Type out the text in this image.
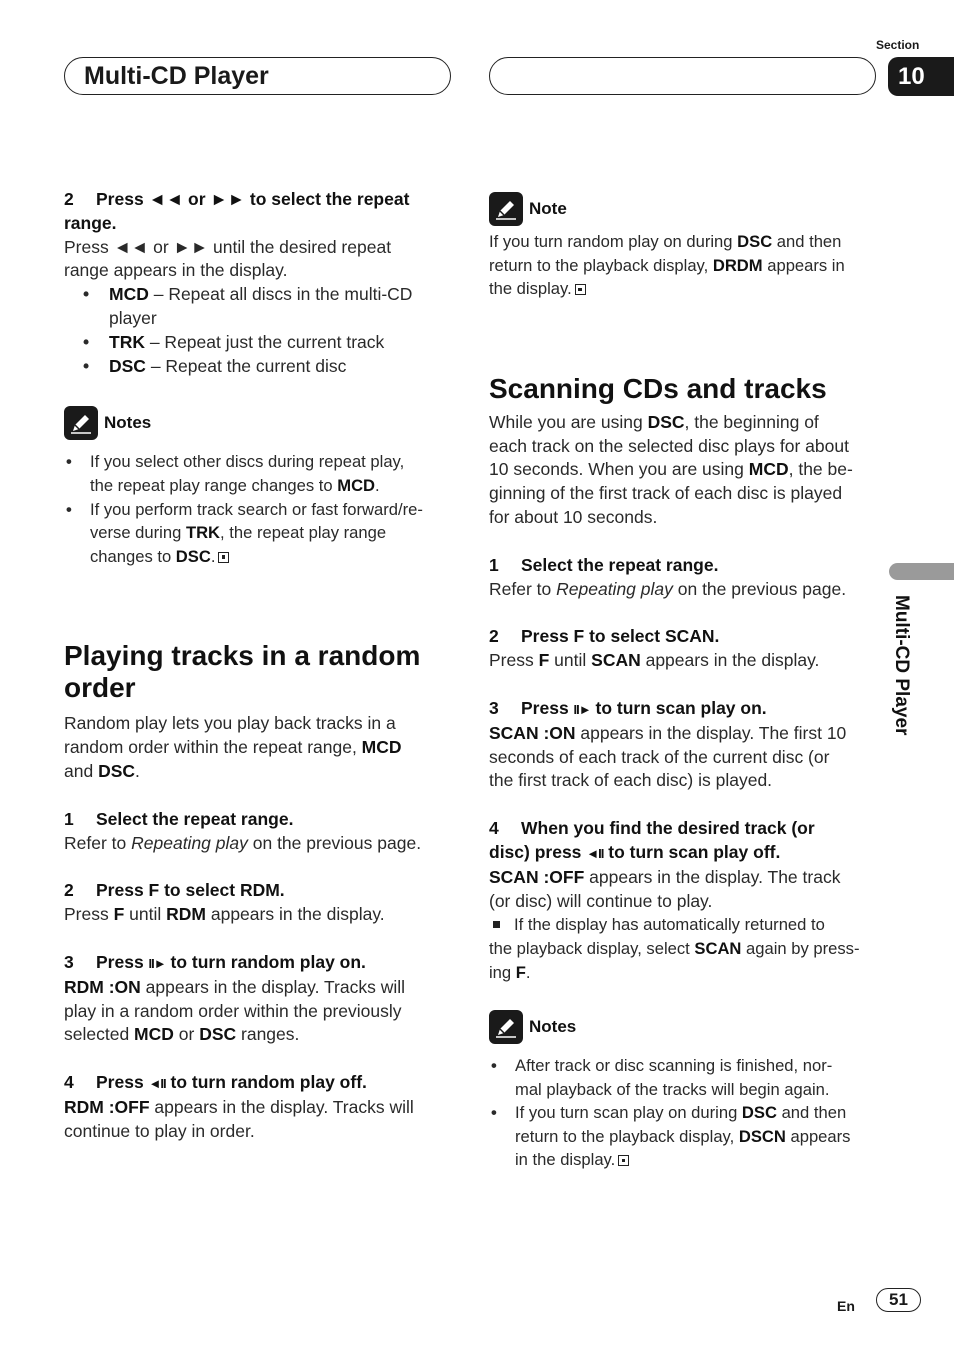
Multi-CD Player
Section
10
Multi-CD Player

2 Press ◄◄ or ►► to select the repeat
range.

Press ◄◄ or ►► until the desired repeat
range appears in the display.

• MCD – Repeat all discs in the multi-CD
player
• TRK – Repeat just the current track
• DSC – Repeat the current disc
Notes
• If you select other discs during repeat play,
the repeat play range changes to MCD.
• If you perform track search or fast forward/re-
verse during TRK, the repeat play range
changes to DSC.
Playing tracks in a random
order

Random play lets you play back tracks in a
random order within the repeat range, MCD
and DSC.

1 Select the repeat range.

Refer to Repeating play on the previous page.

2 Press F to select RDM.

Press F until RDM appears in the display.

3 Press II► to turn random play on.

RDM :ON appears in the display. Tracks will
play in a random order within the previously
selected MCD or DSC ranges.

4 Press ◄II to turn random play off.

RDM :OFF appears in the display. Tracks will
continue to play in order.

Note

If you turn random play on during DSC and then
return to the playback display, DRDM appears in
the display.

Scanning CDs and tracks

While you are using DSC, the beginning of
each track on the selected disc plays for about
10 seconds. When you are using MCD, the be-
ginning of the first track of each disc is played
for about 10 seconds.

1 Select the repeat range.

Refer to Repeating play on the previous page.

2 Press F to select SCAN.

Press F until SCAN appears in the display.

3 Press II► to turn scan play on.

SCAN :ON appears in the display. The first 10
seconds of each track of the current disc (or
the first track of each disc) is played.

4 When you find the desired track (or
disc) press ◄II to turn scan play off.

SCAN :OFF appears in the display. The track
(or disc) will continue to play.

If the display has automatically returned to
the playback display, select SCAN again by press-
ing F.

Notes
• After track or disc scanning is finished, nor-
mal playback of the tracks will begin again.
• If you turn scan play on during DSC and then
return to the playback display, DSCN appears
in the display.
En	51
